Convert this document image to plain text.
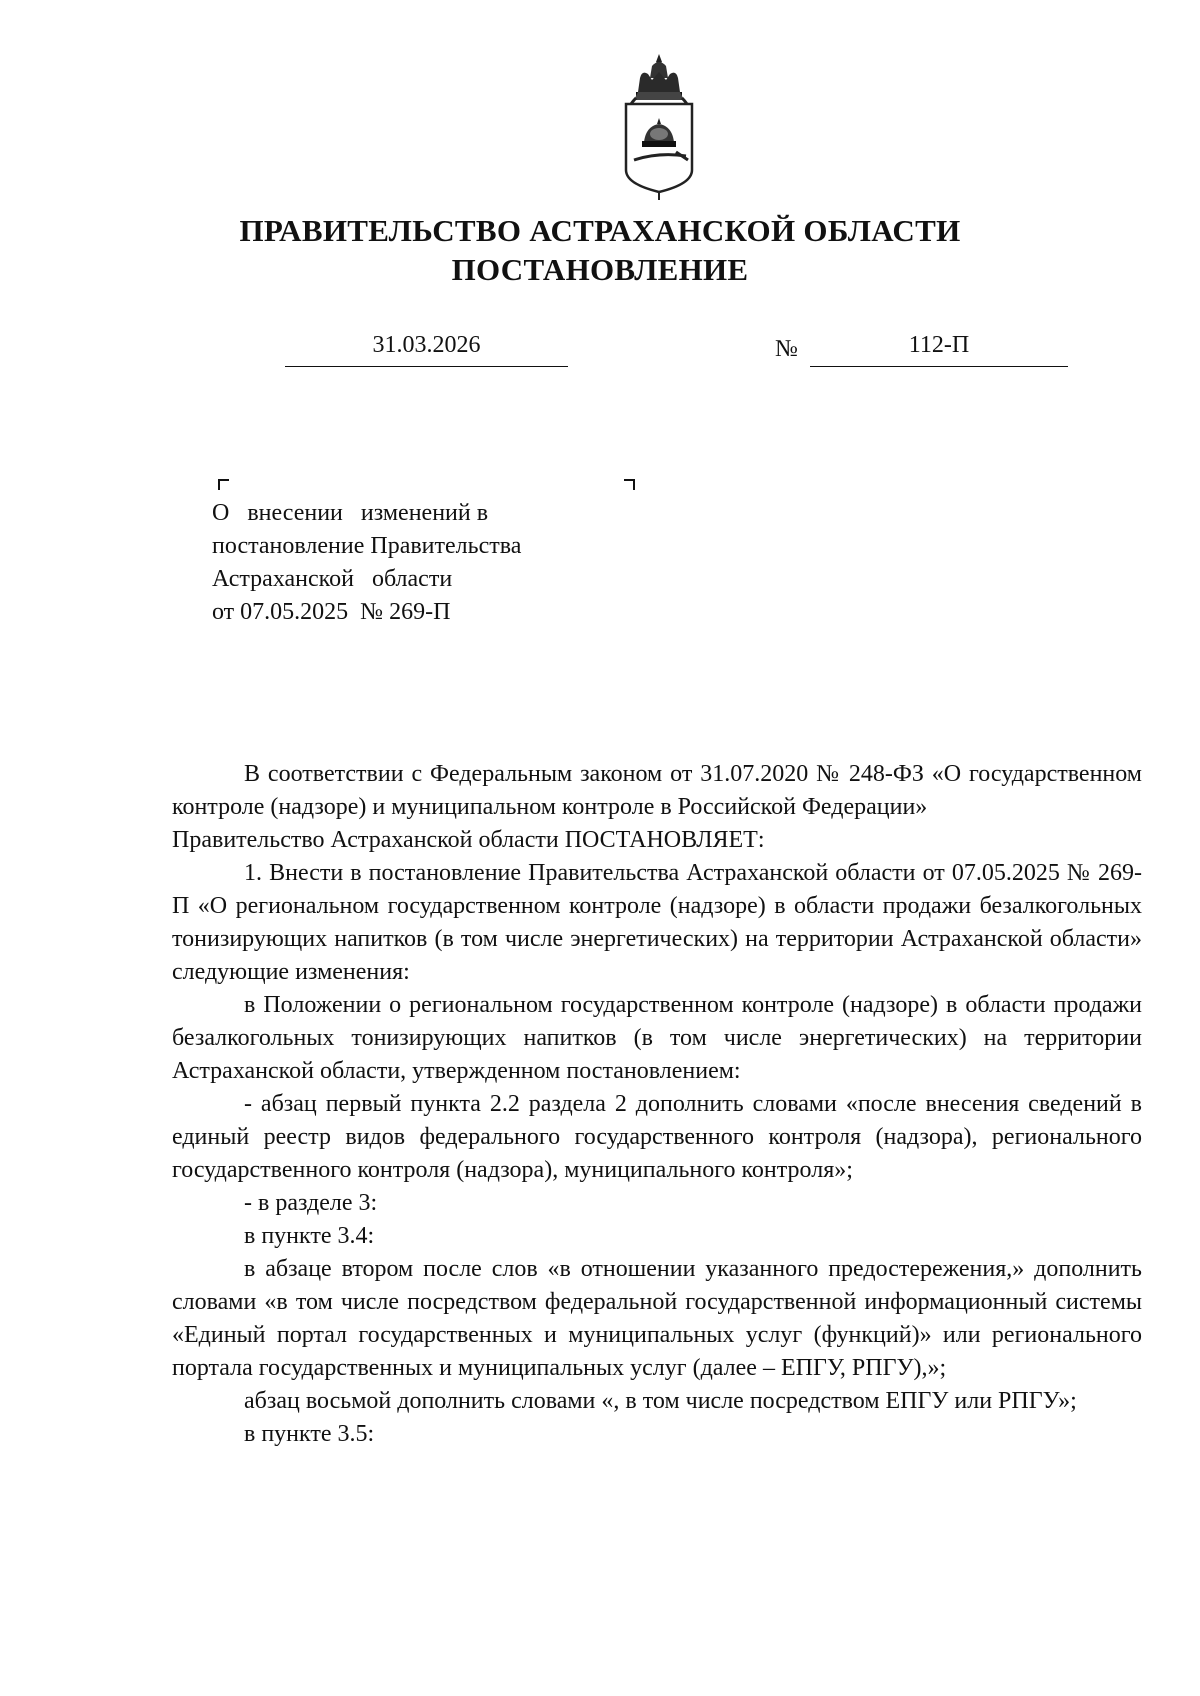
ПРАВИТЕЛЬСТВО АСТРАХАНСКОЙ ОБЛАСТИ
ПОСТАНОВЛЕНИЕ
31.03.2026	№	112-П
О   внесении   изменений в
постановление Правительства
Астраханской   области
от 07.05.2025  № 269-П

В соответствии с Федеральным законом от 31.07.2020 № 248-ФЗ «О государственном контроле (надзоре) и муниципальном контроле в Российской Федерации»

Правительство Астраханской области ПОСТАНОВЛЯЕТ:

1. Внести в постановление Правительства Астраханской области от 07.05.2025 № 269-П «О региональном государственном контроле (надзоре) в области продажи безалкогольных тонизирующих напитков (в том числе энергетических) на территории Астраханской области» следующие изменения:

в Положении о региональном государственном контроле (надзоре) в области продажи безалкогольных тонизирующих напитков (в том числе энергетических) на территории Астраханской области, утвержденном постановлением:

- абзац первый пункта 2.2 раздела 2 дополнить словами «после внесения сведений в единый реестр видов федерального государственного контроля (надзора), регионального государственного контроля (надзора), муниципального контроля»;

- в разделе 3:

в пункте 3.4:

в абзаце втором после слов «в отношении указанного предостережения,» дополнить словами «в том числе посредством федеральной государственной информационный системы «Единый портал государственных и муниципальных услуг (функций)» или регионального портала государственных и муниципальных услуг (далее – ЕПГУ, РПГУ),»;

абзац восьмой дополнить словами «, в том числе посредством ЕПГУ или РПГУ»;

в пункте 3.5:
